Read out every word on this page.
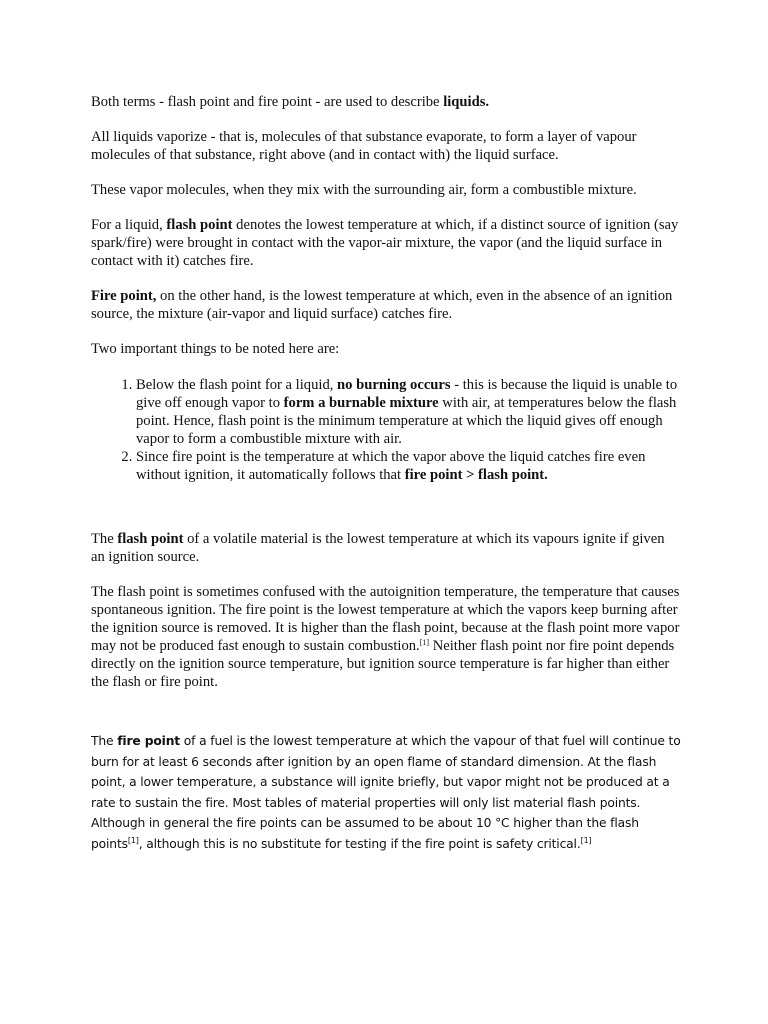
Both terms - flash point and fire point - are used to describe liquids.

All liquids vaporize - that is, molecules of that substance evaporate, to form a layer of vapour molecules of that substance, right above (and in contact with) the liquid surface.

These vapor molecules, when they mix with the surrounding air, form a combustible mixture.

For a liquid, flash point denotes the lowest temperature at which, if a distinct source of ignition (say spark/fire) were brought in contact with the vapor-air mixture, the vapor (and the liquid surface in contact with it) catches fire.

Fire point, on the other hand, is the lowest temperature at which, even in the absence of an ignition source, the mixture (air-vapor and liquid surface) catches fire.

Two important things to be noted here are:

1. Below the flash point for a liquid, no burning occurs - this is because the liquid is unable to give off enough vapor to form a burnable mixture with air, at temperatures below the flash point. Hence, flash point is the minimum temperature at which the liquid gives off enough vapor to form a combustible mixture with air.
2. Since fire point is the temperature at which the vapor above the liquid catches fire even without ignition, it automatically follows that fire point > flash point.

The flash point of a volatile material is the lowest temperature at which its vapours ignite if given an ignition source.

The flash point is sometimes confused with the autoignition temperature, the temperature that causes spontaneous ignition. The fire point is the lowest temperature at which the vapors keep burning after the ignition source is removed. It is higher than the flash point, because at the flash point more vapor may not be produced fast enough to sustain combustion.[1] Neither flash point nor fire point depends directly on the ignition source temperature, but ignition source temperature is far higher than either the flash or fire point.

The fire point of a fuel is the lowest temperature at which the vapour of that fuel will continue to burn for at least 6 seconds after ignition by an open flame of standard dimension. At the flash point, a lower temperature, a substance will ignite briefly, but vapor might not be produced at a rate to sustain the fire. Most tables of material properties will only list material flash points. Although in general the fire points can be assumed to be about 10 °C higher than the flash points[1], although this is no substitute for testing if the fire point is safety critical.[1]
